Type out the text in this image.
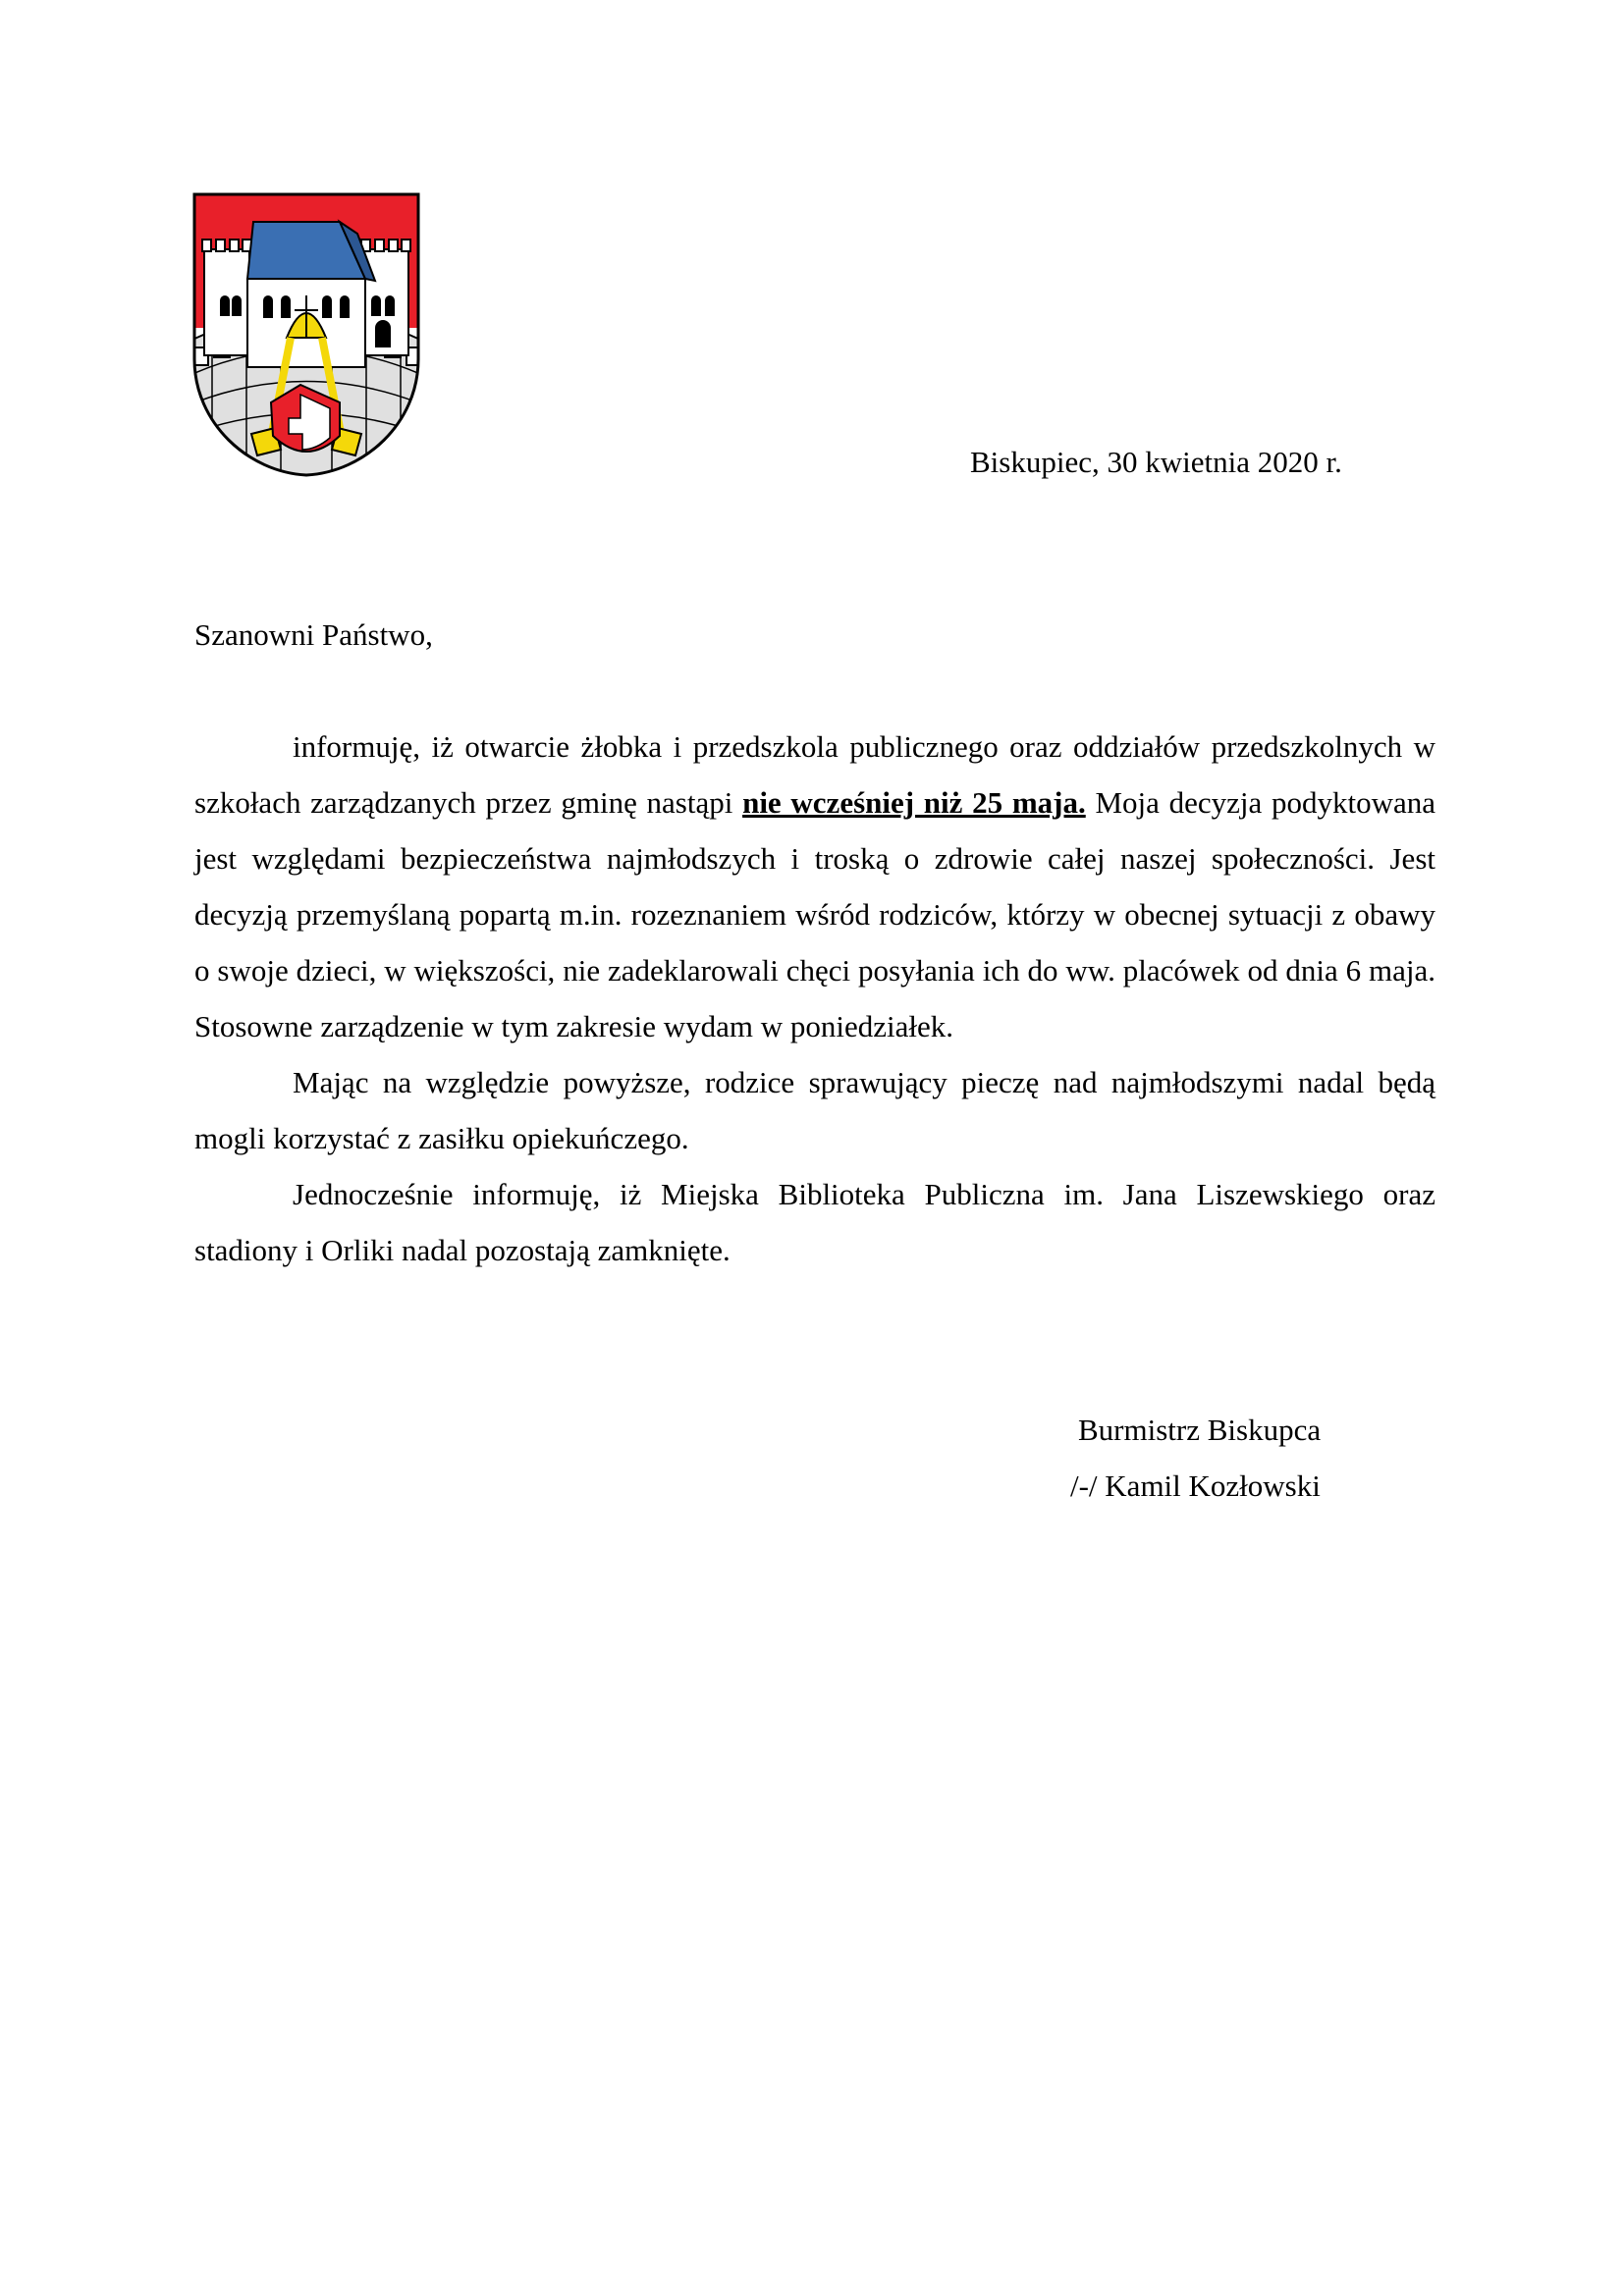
Biskupiec, 30 kwietnia 2020 r.
Szanowni Państwo,

informuję, iż otwarcie żłobka i przedszkola publicznego oraz oddziałów przedszkolnych w szkołach zarządzanych przez gminę nastąpi nie wcześniej niż 25 maja. Moja decyzja podyktowana jest względami bezpieczeństwa najmłodszych i troską o zdrowie całej naszej społeczności. Jest decyzją przemyślaną popartą m.in. rozeznaniem wśród rodziców, którzy w obecnej sytuacji z obawy o swoje dzieci, w większości, nie zadeklarowali chęci posyłania ich do ww. placówek od dnia 6 maja. Stosowne zarządzenie w tym zakresie wydam w poniedziałek.

Mając na względzie powyższe, rodzice sprawujący pieczę nad najmłodszymi nadal będą mogli korzystać z zasiłku opiekuńczego.

Jednocześnie informuję, iż Miejska Biblioteka Publiczna im. Jana Liszewskiego oraz stadiony i Orliki nadal pozostają zamknięte.

Burmistrz Biskupca
/-/ Kamil Kozłowski
